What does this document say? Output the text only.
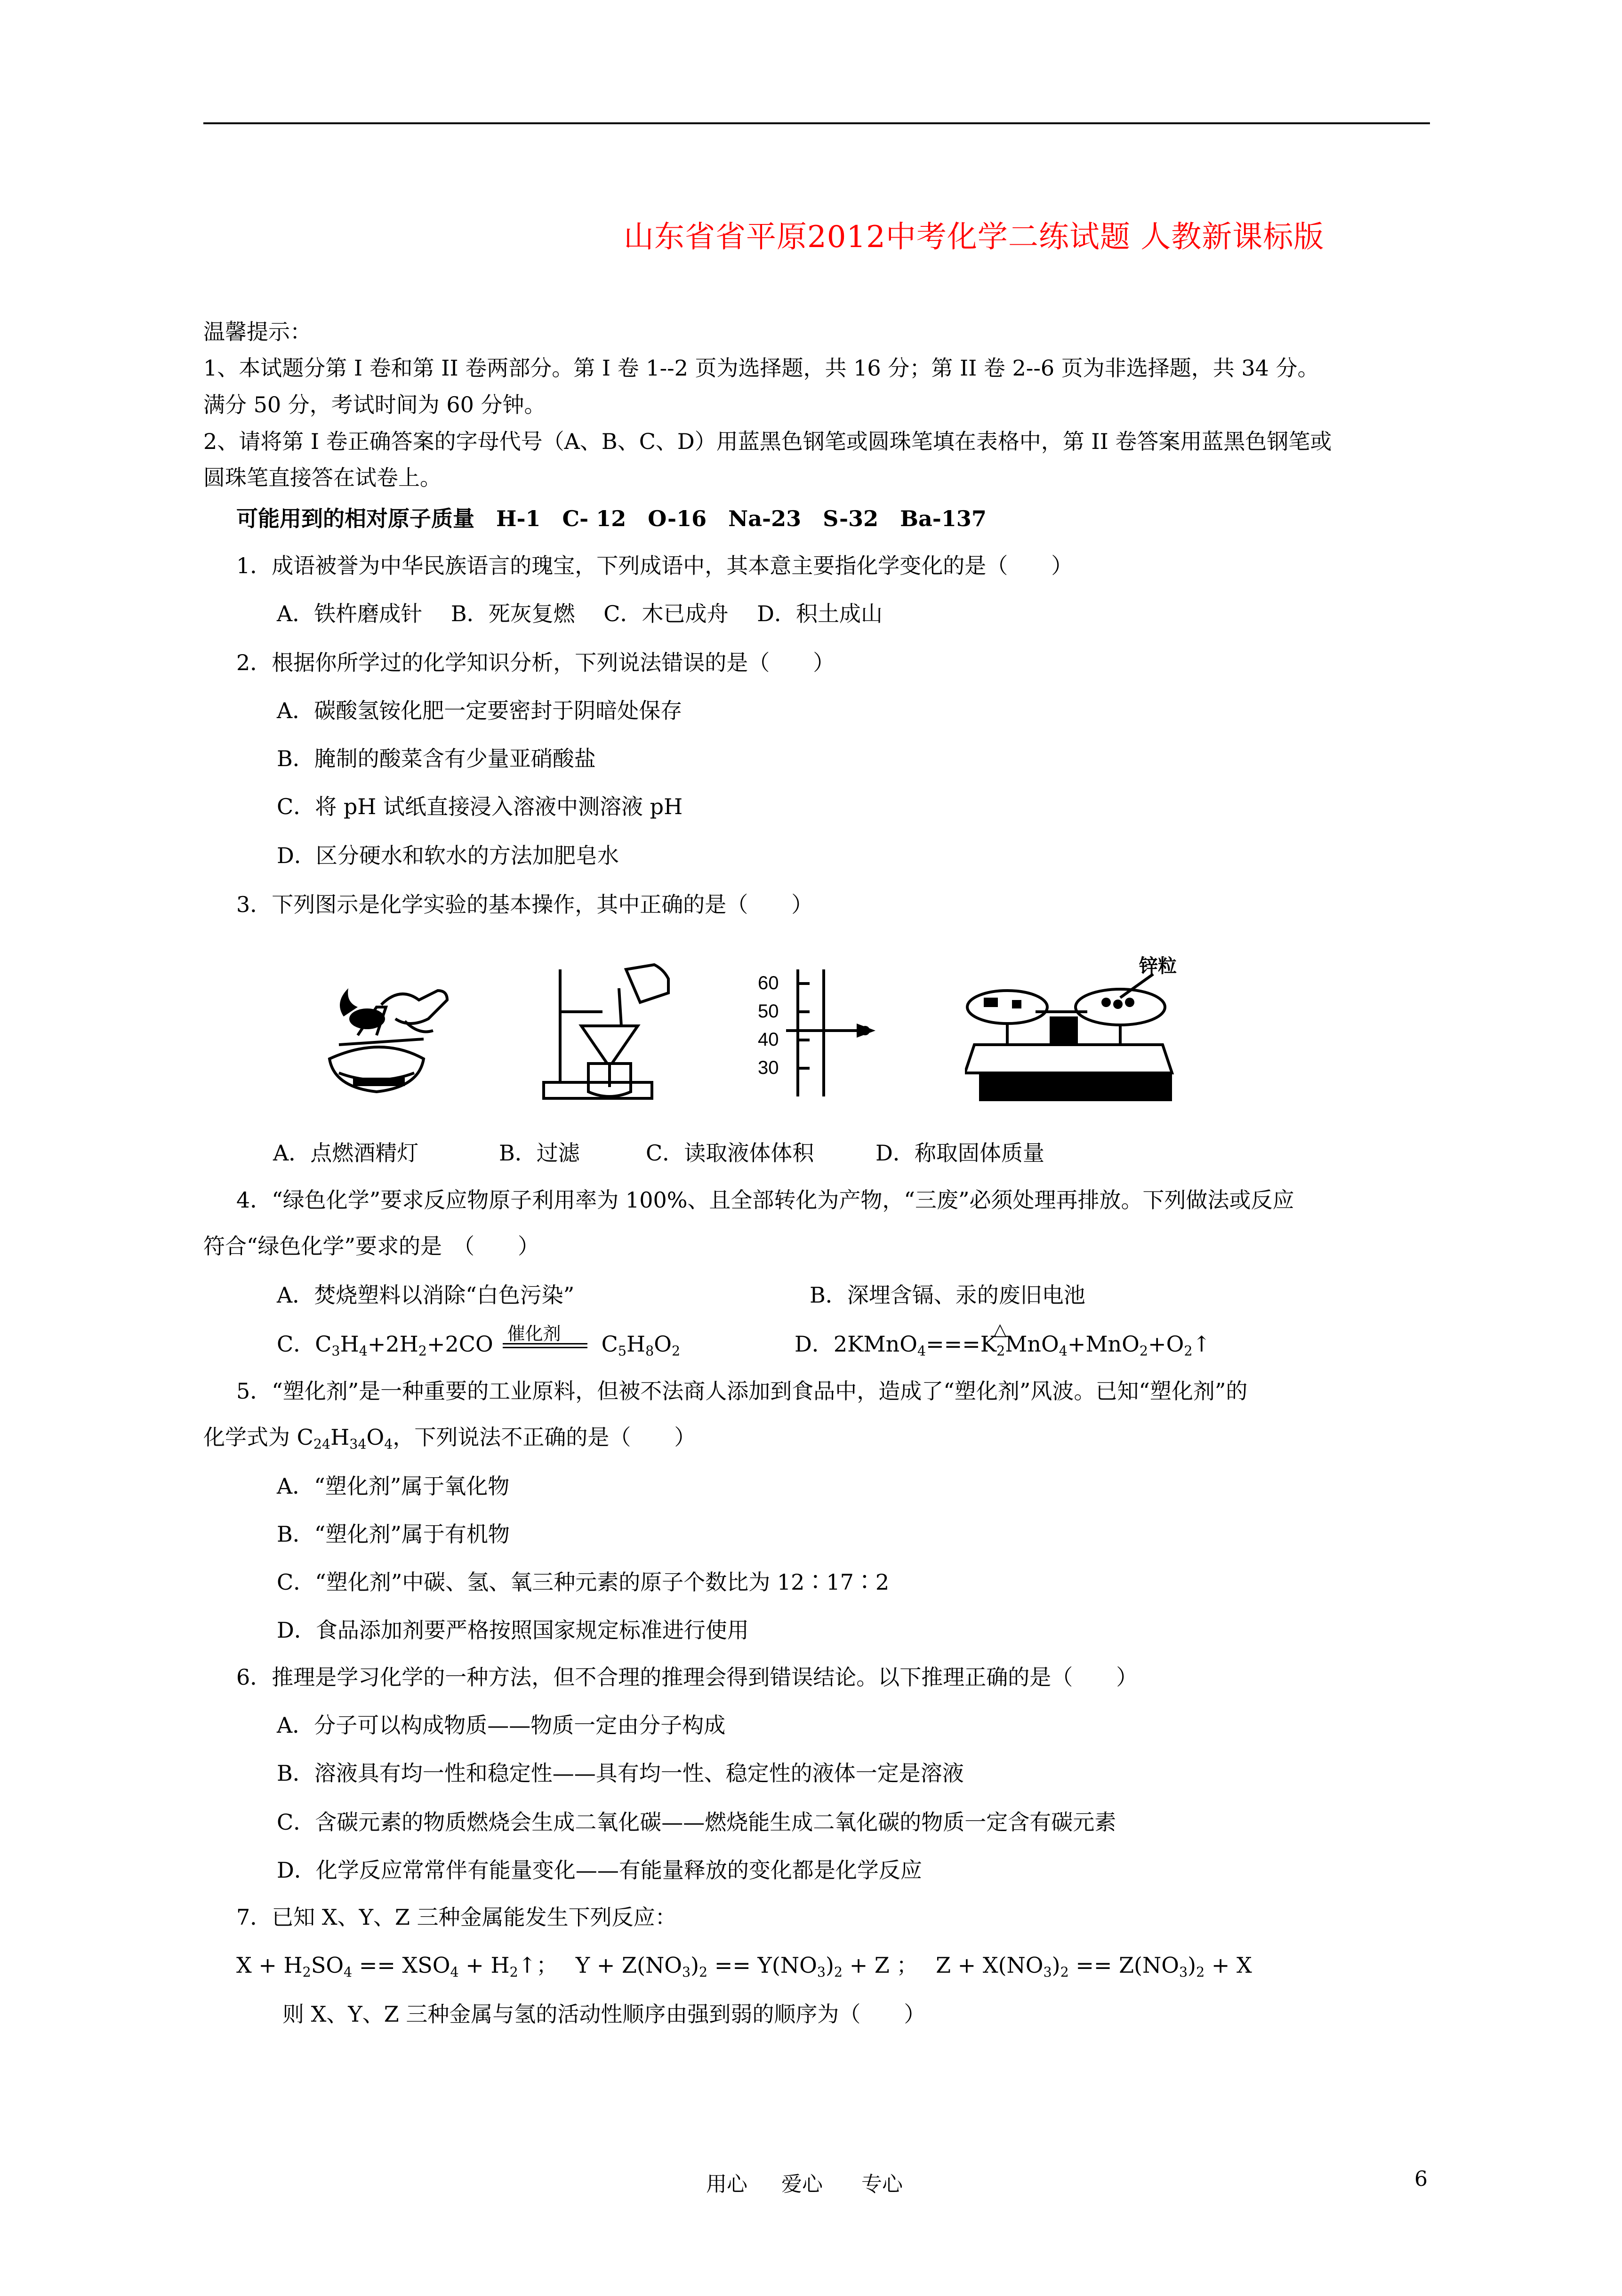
山东省省平原2012中考化学二练试题 人教新课标版
温馨提示：
1、本试题分第 I 卷和第 II 卷两部分。第 I 卷 1--2 页为选择题，共 16 分；第 II 卷 2--6 页为非选择题，共 34 分。
满分 50 分，考试时间为 60 分钟。
2、请将第 I 卷正确答案的字母代号（A、B、C、D）用蓝黑色钢笔或圆珠笔填在表格中，第 II 卷答案用蓝黑色钢笔或
圆珠笔直接答在试卷上。
可能用到的相对原子质量　H-1　C- 12　O-16　Na-23　S-32　Ba-137
1．成语被誉为中华民族语言的瑰宝，下列成语中，其本意主要指化学变化的是（　　）
A．铁杵磨成针　 B．死灰复燃　 C．木已成舟　 D．积土成山
2．根据你所学过的化学知识分析，下列说法错误的是（　　）
A．碳酸氢铵化肥一定要密封于阴暗处保存
B．腌制的酸菜含有少量亚硝酸盐
C．将 pH 试纸直接浸入溶液中测溶液 pH
D．区分硬水和软水的方法加肥皂水
3．下列图示是化学实验的基本操作，其中正确的是（　　）
60
50
40
30
锌粒
A．点燃酒精灯	B．过滤	C．读取液体体积	D．称取固体质量
4．“绿色化学”要求反应物原子利用率为 100%、且全部转化为产物，“三废”必须处理再排放。下列做法或反应
符合“绿色化学”要求的是　（　　）
A．焚烧塑料以消除“白色污染”	B．深埋含镉、汞的废旧电池
C．$C_3H_4+2H_2+2CO$ 催化剂 $C_5H_8O_2$	D．2KMnO$_4$===
△
$K_2MnO_4+MnO_2+O_2↑$
5．“塑化剂”是一种重要的工业原料，但被不法商人添加到食品中，造成了“塑化剂”风波。已知“塑化剂”的
化学式为 $C_{24}H_{34}O_4$，下列说法不正确的是（　　）
A．“塑化剂”属于氧化物
B．“塑化剂”属于有机物
C．“塑化剂”中碳、氢、氧三种元素的原子个数比为 12∶17∶2
D．食品添加剂要严格按照国家规定标准进行使用
6．推理是学习化学的一种方法，但不合理的推理会得到错误结论。以下推理正确的是（　　）
A．分子可以构成物质——物质一定由分子构成
B．溶液具有均一性和稳定性——具有均一性、稳定性的液体一定是溶液
C．含碳元素的物质燃烧会生成二氧化碳——燃烧能生成二氧化碳的物质一定含有碳元素
D．化学反应常常伴有能量变化——有能量释放的变化都是化学反应
7．已知 X、Y、Z 三种金属能发生下列反应：
$X + H_2SO_4 == XSO_4$ + $H_2↑$；　 $Y + Z(NO_3)_2 == Y(NO_3)_2 + Z$ ；　 $Z + X(NO_3)_2 == Z(NO_3)_2 + X$
则 X、Y、Z 三种金属与氢的活动性顺序由强到弱的顺序为（　　）
用心 爱心 专心	6
